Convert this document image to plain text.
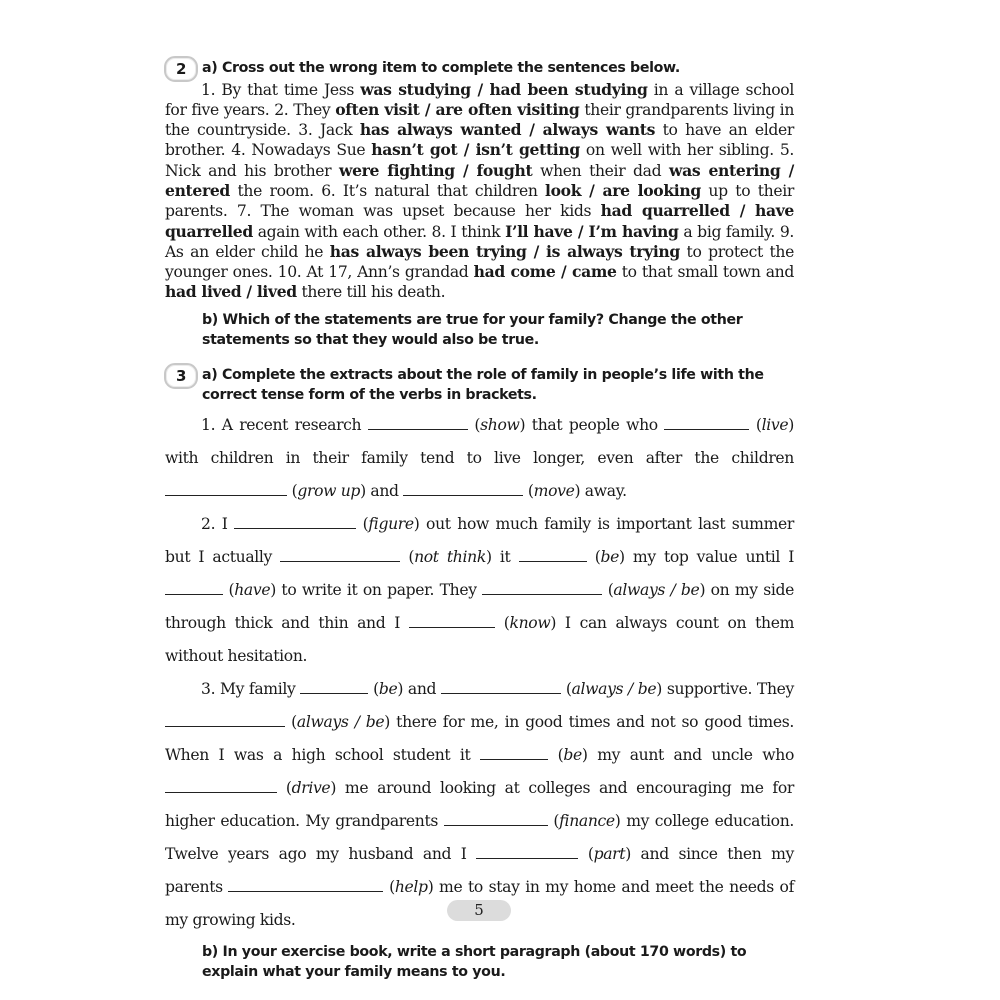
2	a) Cross out the wrong item to complete the sentences below.

1. By that time Jess was studying / had been studying in a village school for five years. 2. They often visit / are often visiting their grandparents living in the countryside. 3. Jack has always wanted / always wants to have an elder brother. 4. Nowadays Sue hasn’t got / isn’t getting on well with her sibling. 5. Nick and his brother were fighting / fought when their dad was entering / entered the room. 6. It’s natural that children look / are looking up to their parents. 7. The woman was upset because her kids had quarrelled / have quarrelled again with each other. 8. I think I’ll have / I’m having a big family. 9. As an elder child he has always been trying / is always trying to protect the younger ones. 10. At 17, Ann’s grandad had come / came to that small town and had lived / lived there till his death.

b) Which of the statements are true for your family? Change the other statements so that they would also be true.

3	a) Complete the extracts about the role of family in people’s life with the correct tense form of the verbs in brackets.

1. A recent research	(show) that people who	(live) with children in their family tend to live longer, even after the children  (grow up) and	(move) away.

2. I	(figure) out how much family is important last summer but I actually	(not think) it	(be) my top value until I  (have) to write it on paper. They	(always / be) on my side through thick and thin and I	(know) I can always count on them without hesitation.

3. My family	(be) and	(always / be) supportive. They  (always / be) there for me, in good times and not so good times. When I was a high school student it	(be) my aunt and uncle who  (drive) me around looking at colleges and encouraging me for higher education. My grandparents	(finance) my college education. Twelve years ago my husband and I	(part) and since then my parents	(help) me to stay in my home and meet the needs of my growing kids.

b) In your exercise book, write a short paragraph (about 170 words) to explain what your family means to you.

5
